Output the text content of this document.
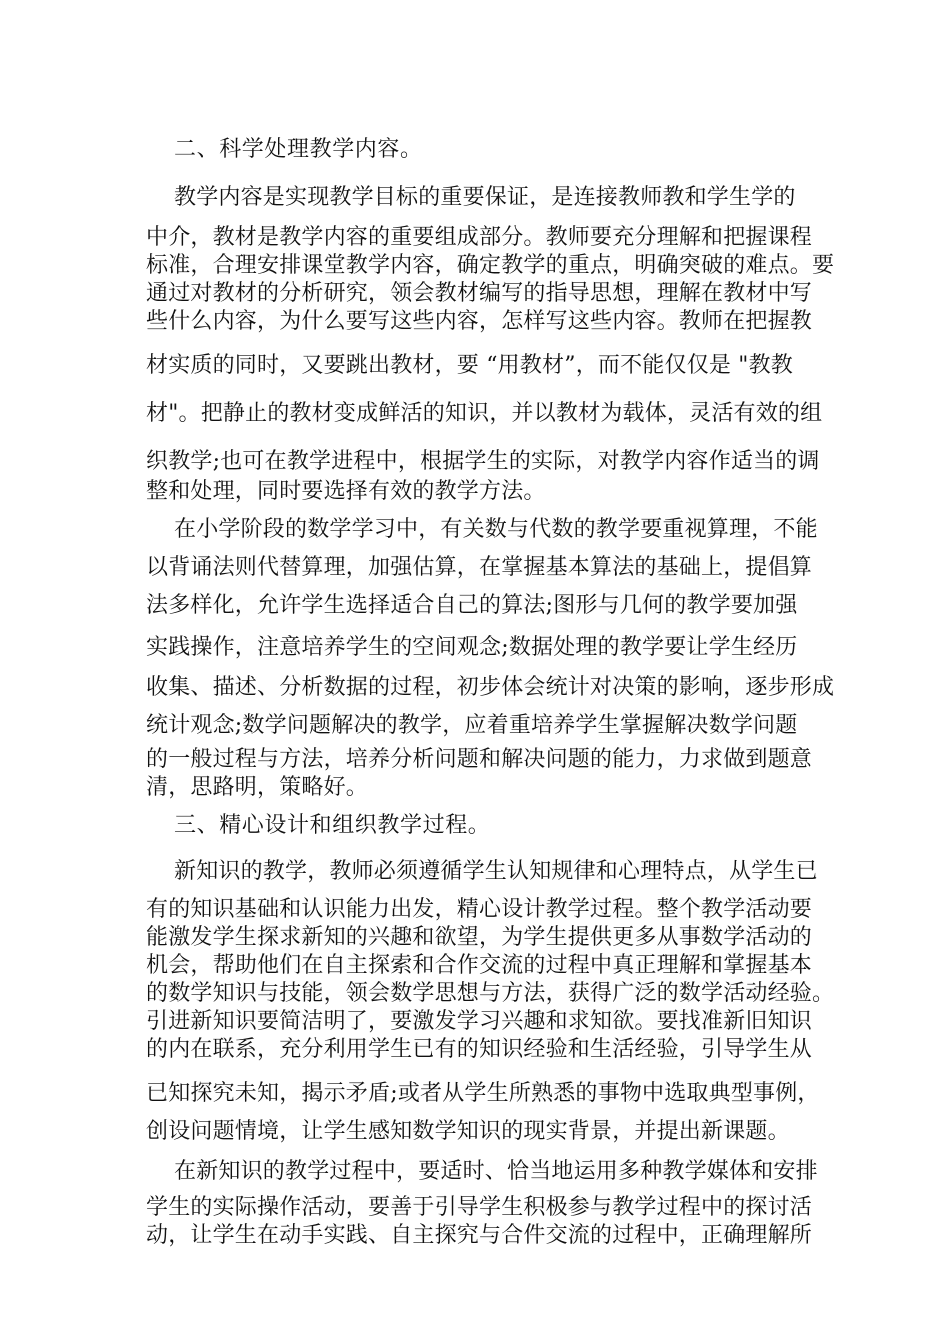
二、科学处理教学内容。
教学内容是实现教学目标的重要保证，是连接教师教和学生学的
中介，教材是教学内容的重要组成部分。教师要充分理解和把握课程
标准，合理安排课堂教学内容，确定教学的重点，明确突破的难点。要
通过对教材的分析研究，领会教材编写的指导思想，理解在教材中写
些什么内容，为什么要写这些内容，怎样写这些内容。教师在把握教
材实质的同时，又要跳出教材，要 “用教材”，而不能仅仅是 "教教
材"。把静止的教材变成鲜活的知识，并以教材为载体，灵活有效的组
织教学;也可在教学进程中，根据学生的实际，对教学内容作适当的调
整和处理，同时要选择有效的教学方法。
在小学阶段的数学学习中，有关数与代数的教学要重视算理，不能
以背诵法则代替算理，加强估算，在掌握基本算法的基础上，提倡算
法多样化，允许学生选择适合自己的算法;图形与几何的教学要加强
实践操作，注意培养学生的空间观念;数据处理的教学要让学生经历
收集、描述、分析数据的过程，初步体会统计对决策的影响，逐步形成
统计观念;数学问题解决的教学，应着重培养学生掌握解决数学问题
的一般过程与方法，培养分析问题和解决问题的能力，力求做到题意
清，思路明，策略好。
三、精心设计和组织教学过程。
新知识的教学，教师必须遵循学生认知规律和心理特点，从学生已
有的知识基础和认识能力出发，精心设计教学过程。整个教学活动要
能激发学生探求新知的兴趣和欲望，为学生提供更多从事数学活动的
机会，帮助他们在自主探索和合作交流的过程中真正理解和掌握基本
的数学知识与技能，领会数学思想与方法，获得广泛的数学活动经验。
引进新知识要简洁明了，要激发学习兴趣和求知欲。要找准新旧知识
的内在联系，充分利用学生已有的知识经验和生活经验，引导学生从
已知探究未知，揭示矛盾;或者从学生所熟悉的事物中选取典型事例，
创设问题情境，让学生感知数学知识的现实背景，并提出新课题。
在新知识的教学过程中，要适时、恰当地运用多种教学媒体和安排
学生的实际操作活动，要善于引导学生积极参与教学过程中的探讨活
动，让学生在动手实践、自主探究与合件交流的过程中，正确理解所
